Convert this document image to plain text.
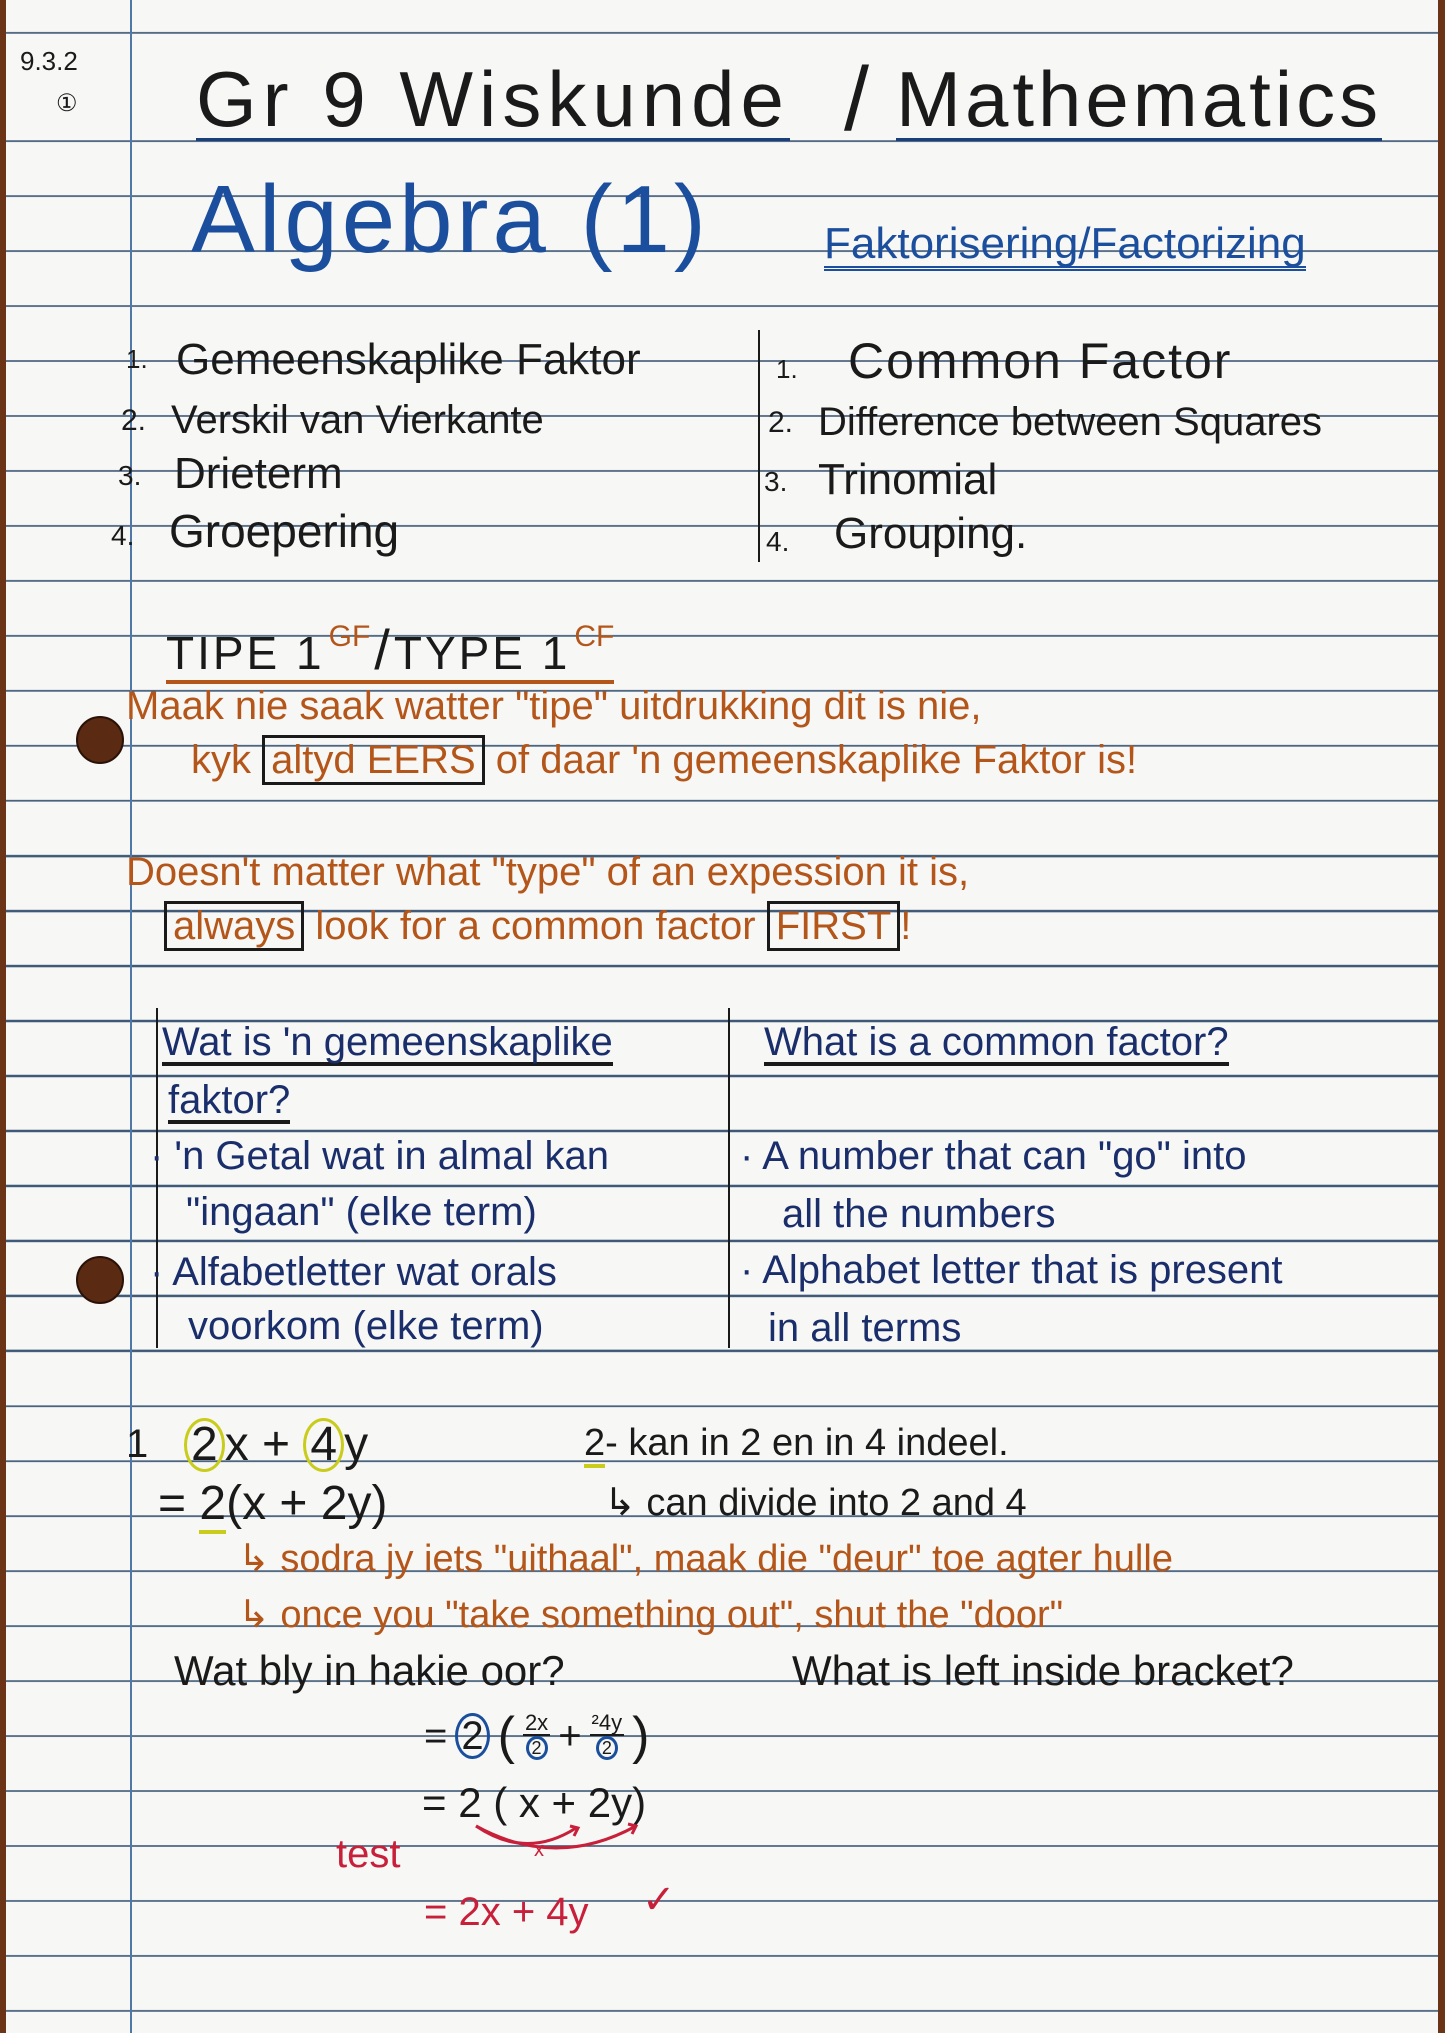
9.3.2
① Gr 9 Wiskunde / Mathematics
Algebra (1)	Faktorisering/Factorizing
1. Gemeenskaplike Faktor
2. Verskil van Vierkante
3. Drieterm
4. Groepering
1. Common Factor
2. Difference between Squares
3. Trinomial
4. Grouping.
TIPE 1 GF / TYPE 1 CF
Maak nie saak watter "tipe" uitdrukking dit is nie,
kyk altyd EERS of daar 'n gemeenskaplike Faktor is!
Doesn't matter what "type" of an expession it is,
always look for a common factor FIRST !
Wat is 'n gemeenskaplike
faktor?
What is a common factor?
· 'n Getal wat in almal kan
"ingaan" (elke term)
· Alfabetletter wat orals
voorkom (elke term)
· A number that can "go" into
all the numbers
· Alphabet letter that is present
in all terms
1 2 x + 4 y
= 2(x + 2y)
2- kan in 2 en in 4 indeel.
↳ can divide into 2 and 4
↳ sodra jy iets "uithaal", maak die "deur" toe agter hulle
↳ once you "take something out", shut the "door"
Wat bly in hakie oor?	What is left inside bracket?
= 2 ( $\frac{2x}{2} + \frac{\text{²4y}}{2}$ )
= 2 ( x + 2y)
x
test
= 2x + 4y ✓
